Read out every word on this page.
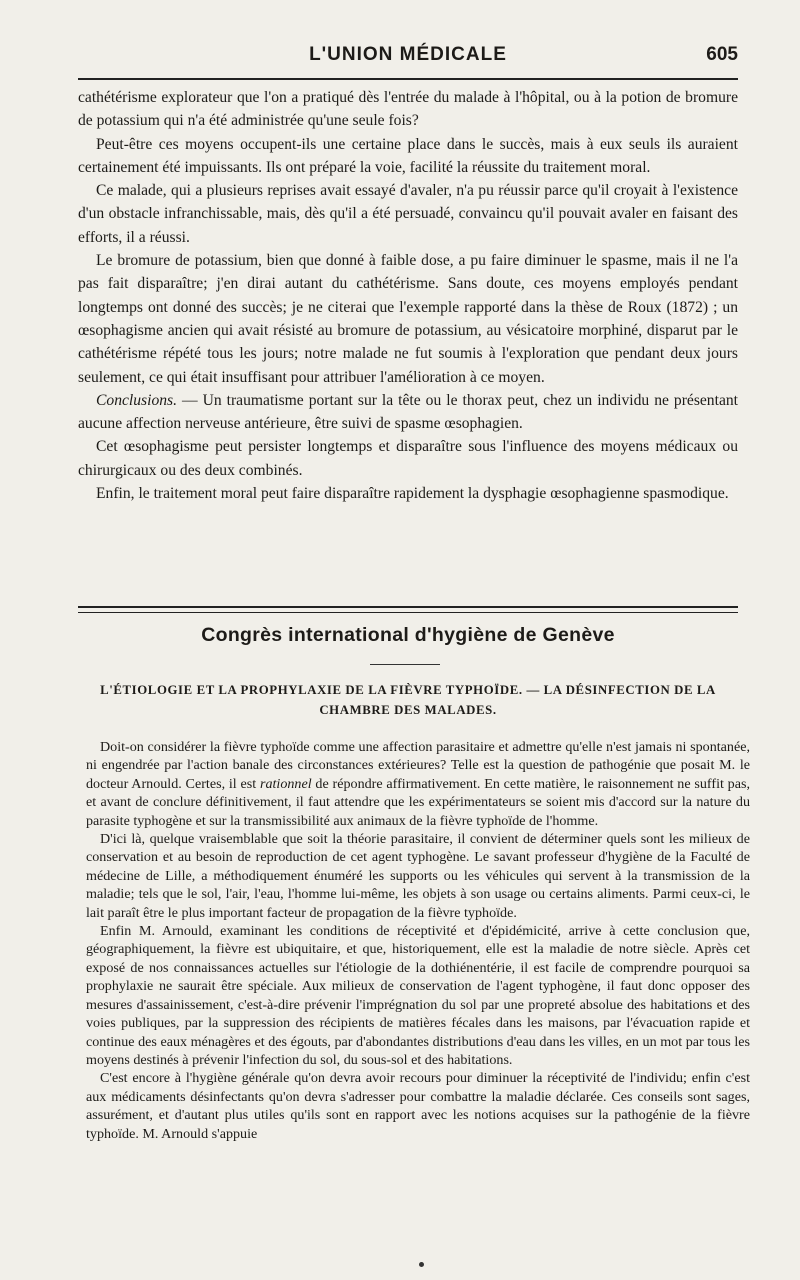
L'UNION MÉDICALE	605

cathétérisme explorateur que l'on a pratiqué dès l'entrée du malade à l'hôpital, ou à la potion de bromure de potassium qui n'a été administrée qu'une seule fois?

Peut-être ces moyens occupent-ils une certaine place dans le succès, mais à eux seuls ils auraient certainement été impuissants. Ils ont préparé la voie, facilité la réussite du traitement moral.

Ce malade, qui a plusieurs reprises avait essayé d'avaler, n'a pu réussir parce qu'il croyait à l'existence d'un obstacle infranchissable, mais, dès qu'il a été persuadé, convaincu qu'il pouvait avaler en faisant des efforts, il a réussi.

Le bromure de potassium, bien que donné à faible dose, a pu faire diminuer le spasme, mais il ne l'a pas fait disparaître; j'en dirai autant du cathétérisme. Sans doute, ces moyens employés pendant longtemps ont donné des succès; je ne citerai que l'exemple rapporté dans la thèse de Roux (1872) ; un œsophagisme ancien qui avait résisté au bromure de potassium, au vésicatoire morphiné, disparut par le cathétérisme répété tous les jours; notre malade ne fut soumis à l'exploration que pendant deux jours seulement, ce qui était insuffisant pour attribuer l'amélioration à ce moyen.

Conclusions. — Un traumatisme portant sur la tête ou le thorax peut, chez un individu ne présentant aucune affection nerveuse antérieure, être suivi de spasme œsophagien.

Cet œsophagisme peut persister longtemps et disparaître sous l'influence des moyens médicaux ou chirurgicaux ou des deux combinés.

Enfin, le traitement moral peut faire disparaître rapidement la dysphagie œsophagienne spasmodique.

Congrès international d'hygiène de Genève
L'ÉTIOLOGIE ET LA PROPHYLAXIE DE LA FIÈVRE TYPHOÏDE. — LA DÉSINFECTION DE LA CHAMBRE DES MALADES.

Doit-on considérer la fièvre typhoïde comme une affection parasitaire et admettre qu'elle n'est jamais ni spontanée, ni engendrée par l'action banale des circonstances extérieures? Telle est la question de pathogénie que posait M. le docteur Arnould. Certes, il est rationnel de répondre affirmativement. En cette matière, le raisonnement ne suffit pas, et avant de conclure définitivement, il faut attendre que les expérimentateurs se soient mis d'accord sur la nature du parasite typhogène et sur la transmissibilité aux animaux de la fièvre typhoïde de l'homme.

D'ici là, quelque vraisemblable que soit la théorie parasitaire, il convient de déterminer quels sont les milieux de conservation et au besoin de reproduction de cet agent typhogène. Le savant professeur d'hygiène de la Faculté de médecine de Lille, a méthodiquement énuméré les supports ou les véhicules qui servent à la transmission de la maladie; tels que le sol, l'air, l'eau, l'homme lui-même, les objets à son usage ou certains aliments. Parmi ceux-ci, le lait paraît être le plus important facteur de propagation de la fièvre typhoïde.

Enfin M. Arnould, examinant les conditions de réceptivité et d'épidémicité, arrive à cette conclusion que, géographiquement, la fièvre est ubiquitaire, et que, historiquement, elle est la maladie de notre siècle. Après cet exposé de nos connaissances actuelles sur l'étiologie de la dothiénentérie, il est facile de comprendre pourquoi sa prophylaxie ne saurait être spéciale. Aux milieux de conservation de l'agent typhogène, il faut donc opposer des mesures d'assainissement, c'est-à-dire prévenir l'imprégnation du sol par une propreté absolue des habitations et des voies publiques, par la suppression des récipients de matières fécales dans les maisons, par l'évacuation rapide et continue des eaux ménagères et des égouts, par d'abondantes distributions d'eau dans les villes, en un mot par tous les moyens destinés à prévenir l'infection du sol, du sous-sol et des habitations.

C'est encore à l'hygiène générale qu'on devra avoir recours pour diminuer la réceptivité de l'individu; enfin c'est aux médicaments désinfectants qu'on devra s'adresser pour combattre la maladie déclarée. Ces conseils sont sages, assurément, et d'autant plus utiles qu'ils sont en rapport avec les notions acquises sur la pathogénie de la fièvre typhoïde. M. Arnould s'appuie
